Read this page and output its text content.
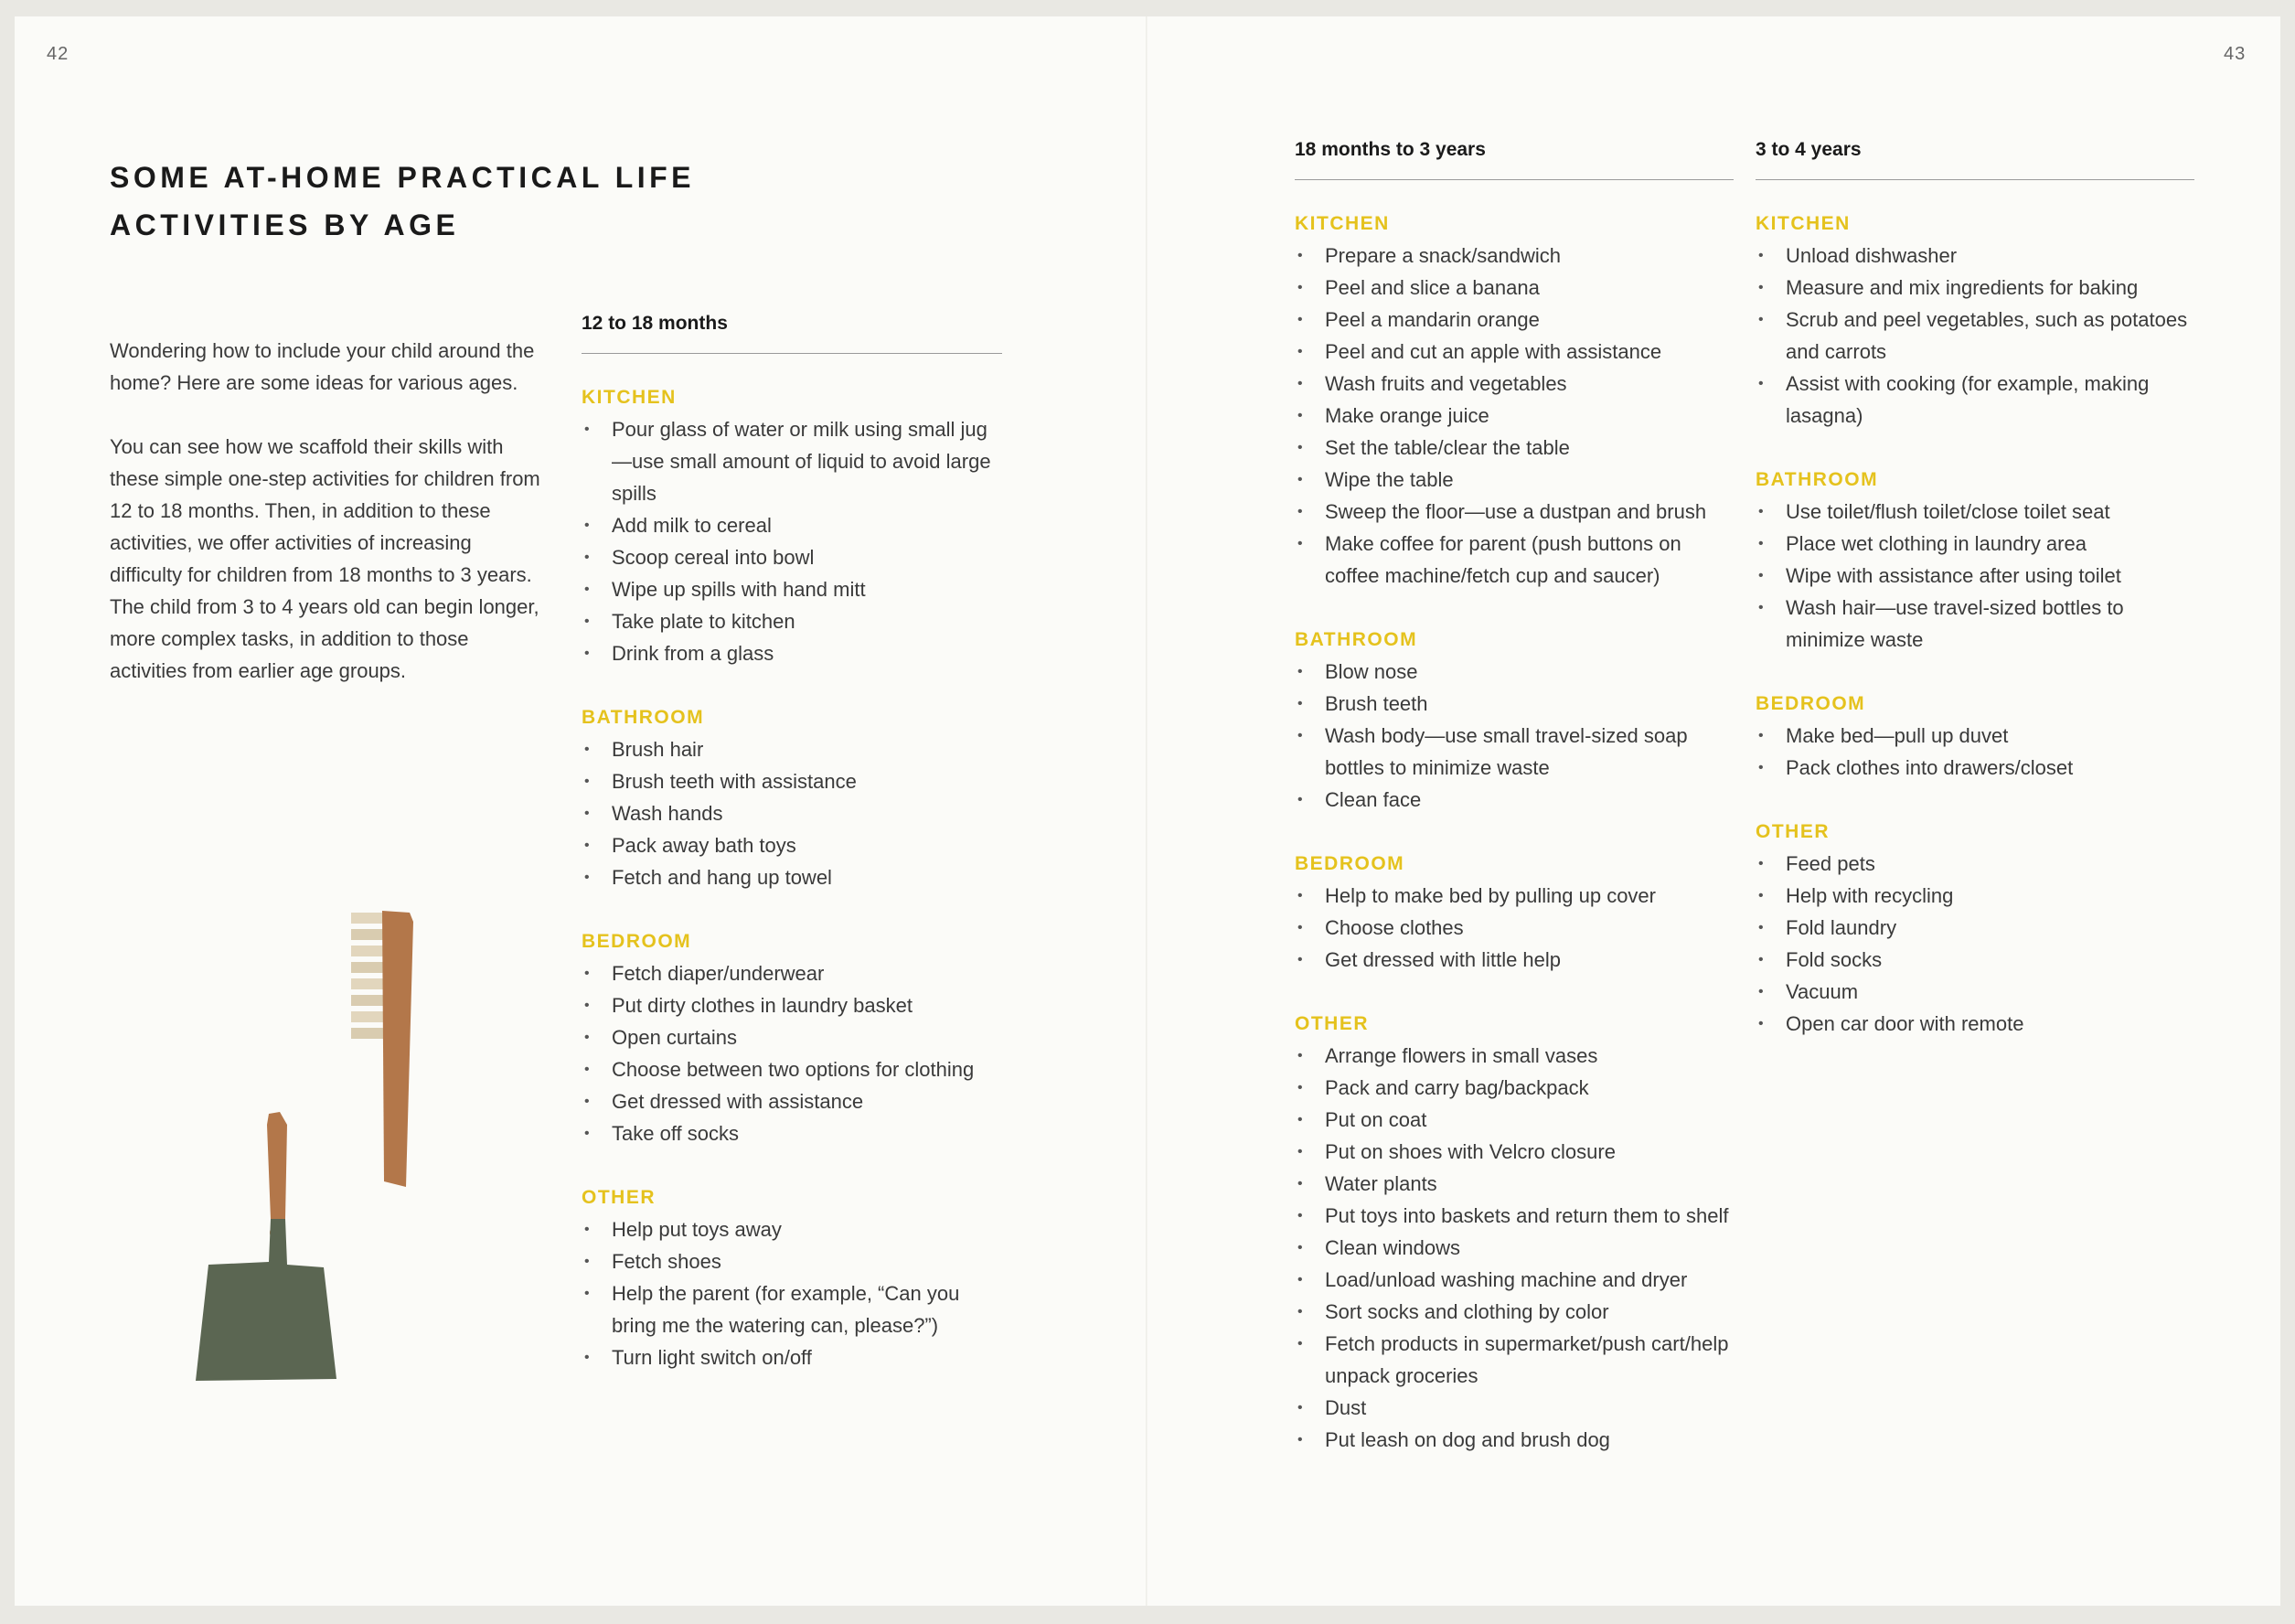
42	43
SOME AT-HOME PRACTICAL LIFE
ACTIVITIES BY AGE

Wondering how to include your child around the home? Here are some ideas for various ages.

You can see how we scaffold their skills with these simple one-step activities for children from 12 to 18 months. Then, in addition to these activities, we offer activities of increasing difficulty for children from 18 months to 3 years. The child from 3 to 4 years old can begin longer, more complex tasks, in addition to those activities from earlier age groups.

12 to 18 months
KITCHEN
• Pour glass of water or milk using small jug—use small amount of liquid to avoid large spills
• Add milk to cereal
• Scoop cereal into bowl
• Wipe up spills with hand mitt
• Take plate to kitchen
• Drink from a glass
BATHROOM
• Brush hair
• Brush teeth with assistance
• Wash hands
• Pack away bath toys
• Fetch and hang up towel
BEDROOM
• Fetch diaper/underwear
• Put dirty clothes in laundry basket
• Open curtains
• Choose between two options for clothing
• Get dressed with assistance
• Take off socks
OTHER
• Help put toys away
• Fetch shoes
• Help the parent (for example, “Can you bring me the watering can, please?”)
• Turn light switch on/off
18 months to 3 years
KITCHEN
• Prepare a snack/sandwich
• Peel and slice a banana
• Peel a mandarin orange
• Peel and cut an apple with assistance
• Wash fruits and vegetables
• Make orange juice
• Set the table/clear the table
• Wipe the table
• Sweep the floor—use a dustpan and brush
• Make coffee for parent (push buttons on coffee machine/fetch cup and saucer)
BATHROOM
• Blow nose
• Brush teeth
• Wash body—use small travel-sized soap bottles to minimize waste
• Clean face
BEDROOM
• Help to make bed by pulling up cover
• Choose clothes
• Get dressed with little help
OTHER
• Arrange flowers in small vases
• Pack and carry bag/backpack
• Put on coat
• Put on shoes with Velcro closure
• Water plants
• Put toys into baskets and return them to shelf
• Clean windows
• Load/unload washing machine and dryer
• Sort socks and clothing by color
• Fetch products in supermarket/push cart/help unpack groceries
• Dust
• Put leash on dog and brush dog
3 to 4 years
KITCHEN
• Unload dishwasher
• Measure and mix ingredients for baking
• Scrub and peel vegetables, such as potatoes and carrots
• Assist with cooking (for example, making lasagna)
BATHROOM
• Use toilet/flush toilet/close toilet seat
• Place wet clothing in laundry area
• Wipe with assistance after using toilet
• Wash hair—use travel-sized bottles to minimize waste
BEDROOM
• Make bed—pull up duvet
• Pack clothes into drawers/closet
OTHER
• Feed pets
• Help with recycling
• Fold laundry
• Fold socks
• Vacuum
• Open car door with remote
